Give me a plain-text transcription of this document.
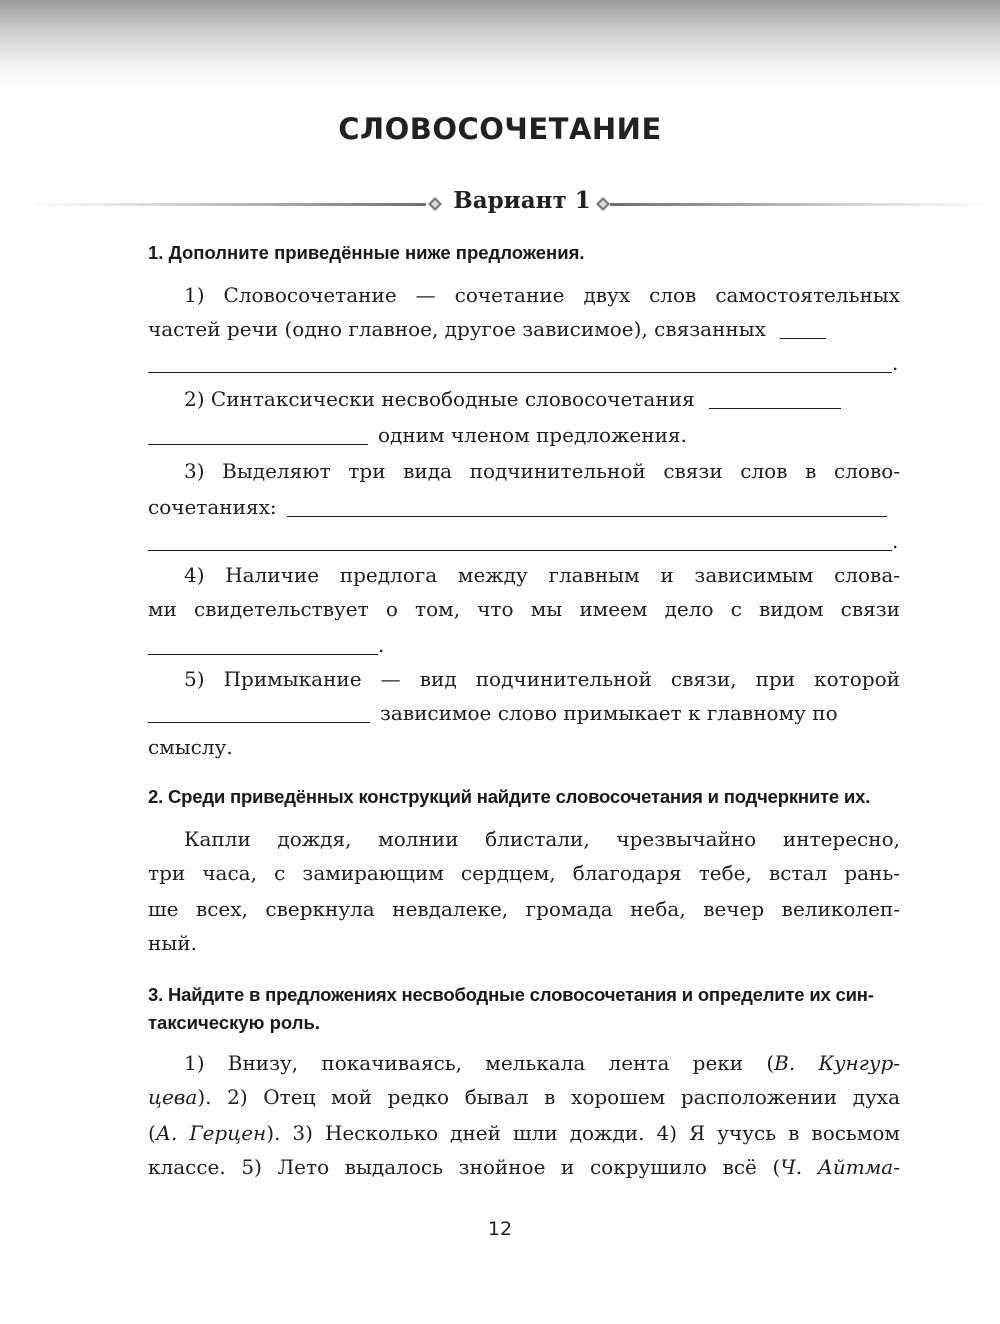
СЛОВОСОЧЕТАНИЕ
Вариант 1
1. Дополните приведённые ниже предложения.
1) Словосочетание — сочетание двух слов самостоятельных
частей речи (одно главное, другое зависимое), связанных
.
2) Синтаксически несвободные словосочетания
одним членом предложения.
3) Выделяют три вида подчинительной связи слов в слово-
сочетаниях:
.
4) Наличие предлога между главным и зависимым слова-
ми свидетельствует о том, что мы имеем дело с видом связи
.
5) Примыкание — вид подчинительной связи, при которой
зависимое слово примыкает к главному по
смыслу.
2. Среди приведённых конструкций найдите словосочетания и подчеркните их.
Капли дождя, молнии блистали, чрезвычайно интересно,
три часа, с замирающим сердцем, благодаря тебе, встал рань-
ше всех, сверкнула невдалеке, громада неба, вечер великолеп-
ный.
3. Найдите в предложениях несвободные словосочетания и определите их син-
таксическую роль.
1) Внизу, покачиваясь, мелькала лента реки (В. Кунгур-
цева). 2) Отец мой редко бывал в хорошем расположении духа
(А. Герцен). 3) Несколько дней шли дожди. 4) Я учусь в восьмом
классе. 5) Лето выдалось знойное и сокрушило всё (Ч. Айтма-
12
